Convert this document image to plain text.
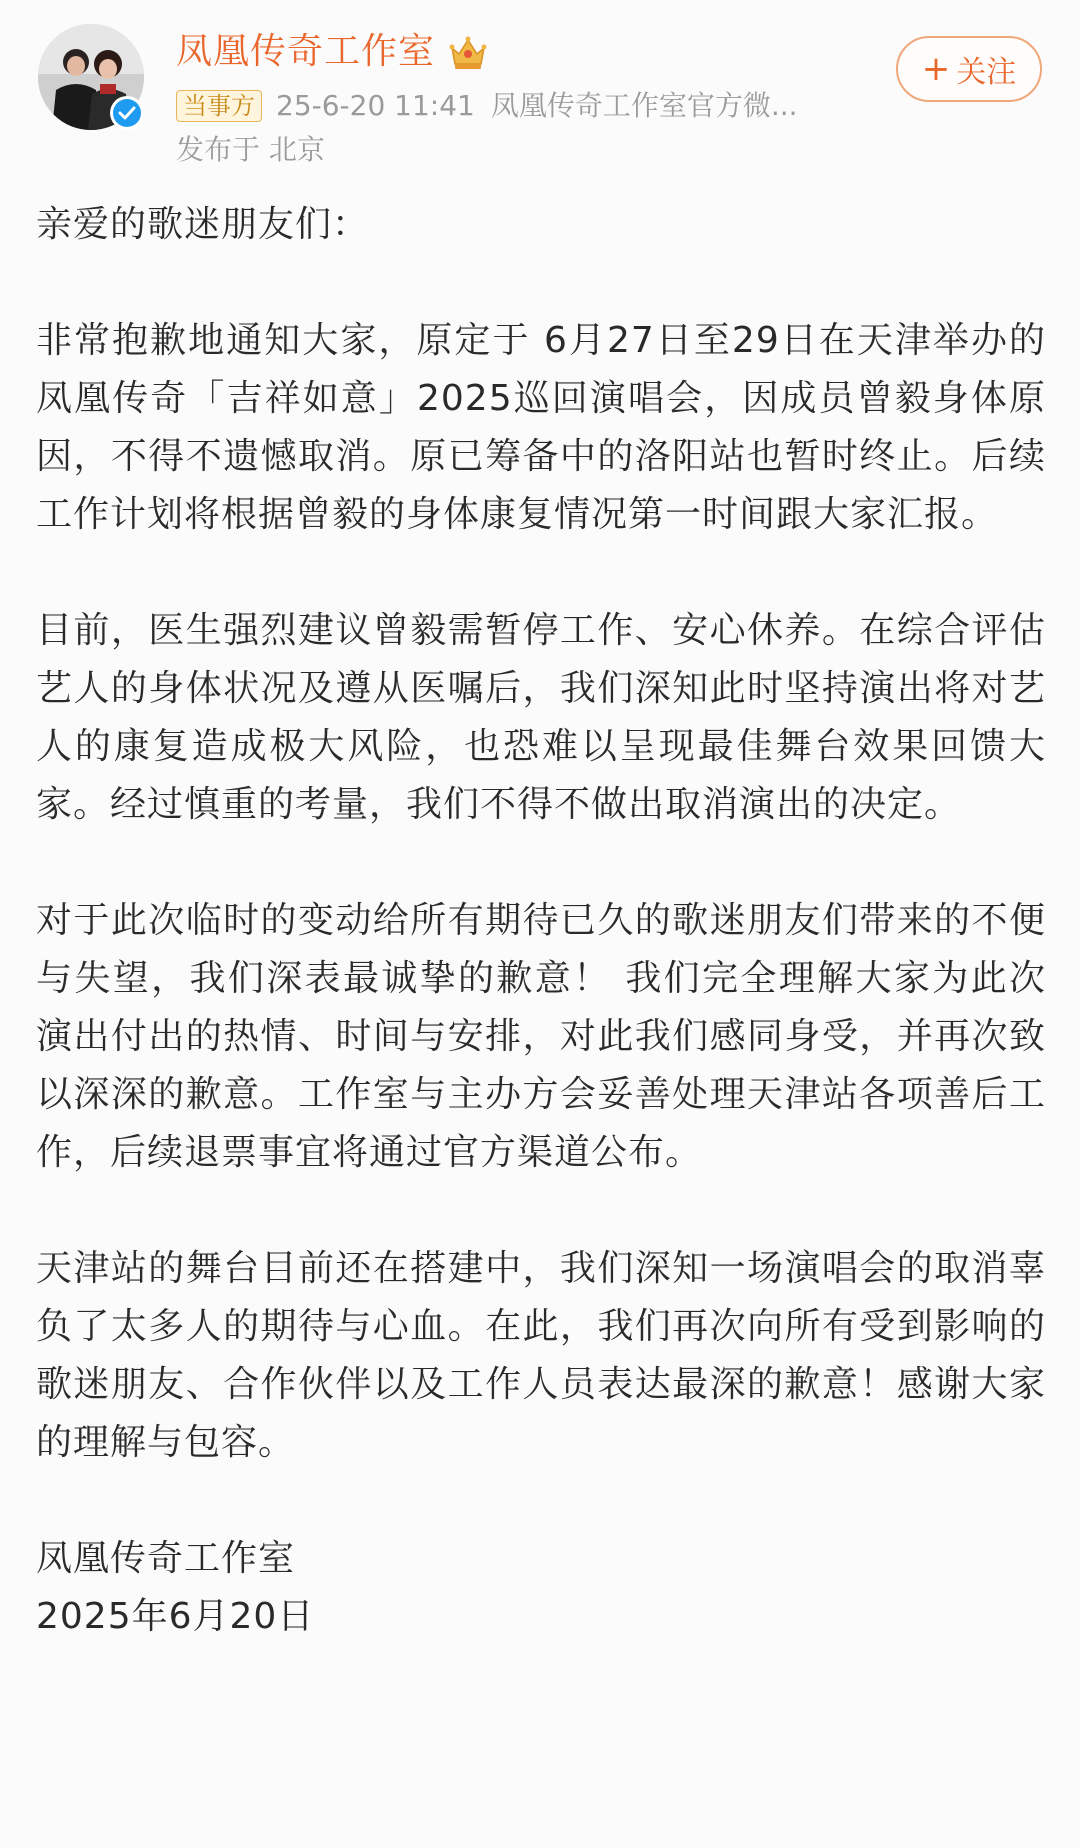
凤凰传奇工作室
当事方 25-6-20 11:41 凤凰传奇工作室官方微...
发布于 北京
+ 关注

亲爱的歌迷朋友们：

非常抱歉地通知大家，原定于 6月27日至29日在天津举办的凤凰传奇「吉祥如意」2025巡回演唱会，因成员曾毅身体原因，不得不遗憾取消。原已筹备中的洛阳站也暂时终止。后续工作计划将根据曾毅的身体康复情况第一时间跟大家汇报。

目前，医生强烈建议曾毅需暂停工作、安心休养。在综合评估艺人的身体状况及遵从医嘱后，我们深知此时坚持演出将对艺人的康复造成极大风险，也恐难以呈现最佳舞台效果回馈大家。经过慎重的考量，我们不得不做出取消演出的决定。

对于此次临时的变动给所有期待已久的歌迷朋友们带来的不便与失望，我们深表最诚挚的歉意！ 我们完全理解大家为此次演出付出的热情、时间与安排，对此我们感同身受，并再次致以深深的歉意。工作室与主办方会妥善处理天津站各项善后工作，后续退票事宜将通过官方渠道公布。

天津站的舞台目前还在搭建中，我们深知一场演唱会的取消辜负了太多人的期待与心血。在此，我们再次向所有受到影响的歌迷朋友、合作伙伴以及工作人员表达最深的歉意！感谢大家的理解与包容。

凤凰传奇工作室

2025年6月20日
